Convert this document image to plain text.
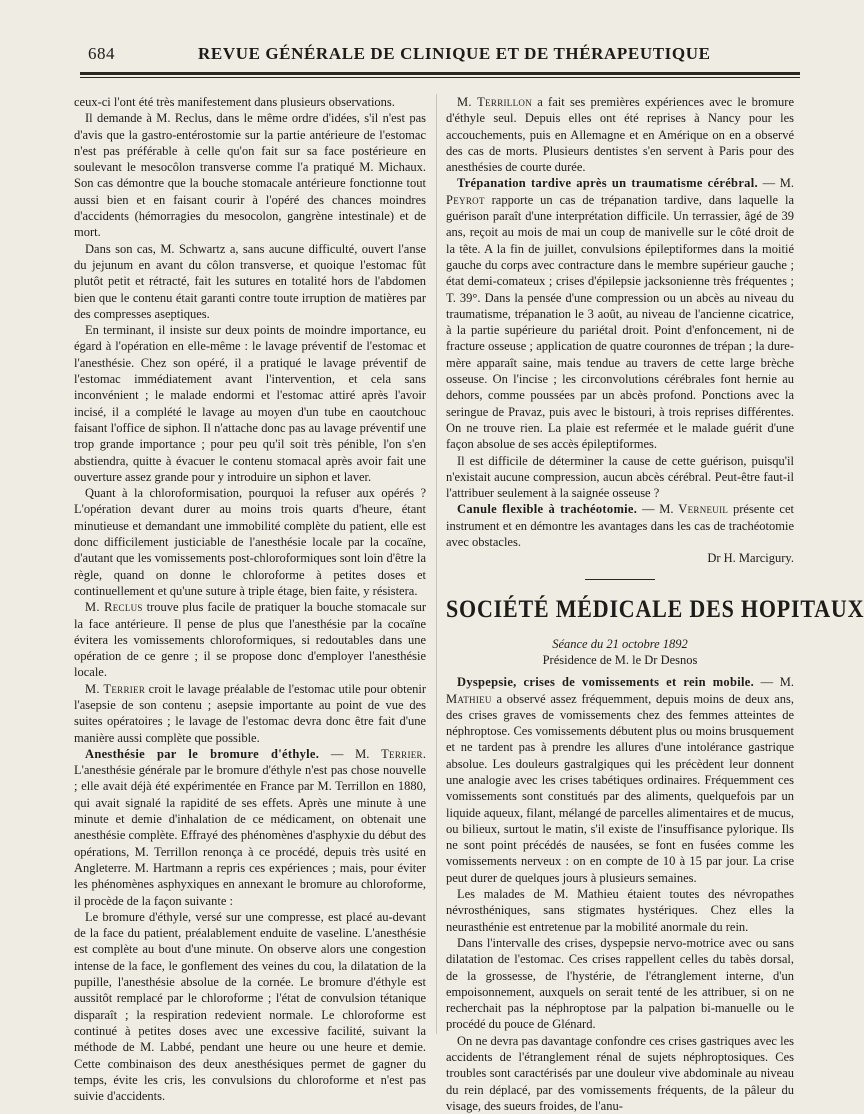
684	REVUE GÉNÉRALE DE CLINIQUE ET DE THÉRAPEUTIQUE

ceux-ci l'ont été très manifestement dans plusieurs observations.

Il demande à M. Reclus, dans le même ordre d'idées, s'il n'est pas d'avis que la gastro-entérostomie sur la partie antérieure de l'estomac n'est pas préférable à celle qu'on fait sur sa face postérieure en soulevant le mesocôlon transverse comme l'a pratiqué M. Michaux. Son cas démontre que la bouche stomacale antérieure fonctionne tout aussi bien et en faisant courir à l'opéré des chances moindres d'accidents (hémorragies du mesocolon, gangrène intestinale) et de mort.

Dans son cas, M. Schwartz a, sans aucune difficulté, ouvert l'anse du jejunum en avant du côlon transverse, et quoique l'estomac fût plutôt petit et rétracté, fait les sutures en totalité hors de l'abdomen bien que le contenu était garanti contre toute irruption de matières par des compresses aseptiques.

En terminant, il insiste sur deux points de moindre importance, eu égard à l'opération en elle-même : le lavage préventif de l'estomac et l'anesthésie. Chez son opéré, il a pratiqué le lavage préventif de l'estomac immédiatement avant l'intervention, et cela sans inconvénient ; le malade endormi et l'estomac attiré après l'avoir incisé, il a complété le lavage au moyen d'un tube en caoutchouc faisant l'office de siphon. Il n'attache donc pas au lavage préventif une trop grande importance ; pour peu qu'il soit très pénible, l'on s'en abstiendra, quitte à évacuer le contenu stomacal après avoir fait une ouverture assez grande pour y introduire un siphon et laver.

Quant à la chloroformisation, pourquoi la refuser aux opérés ? L'opération devant durer au moins trois quarts d'heure, étant minutieuse et demandant une immobilité complète du patient, elle est donc difficilement justiciable de l'anesthésie locale par la cocaïne, d'autant que les vomissements post-chloroformiques sont loin d'être la règle, quand on donne le chloroforme à petites doses et continuellement et qu'une suture à triple étage, bien faite, y résistera.

M. Reclus trouve plus facile de pratiquer la bouche stomacale sur la face antérieure. Il pense de plus que l'anesthésie par la cocaïne évitera les vomissements chloroformiques, si redoutables dans une opération de ce genre ; il se propose donc d'employer l'anesthésie locale.

M. Terrier croit le lavage préalable de l'estomac utile pour obtenir l'asepsie de son contenu ; asepsie importante au point de vue des suites opératoires ; le lavage de l'estomac devra donc être fait d'une manière aussi complète que possible.

Anesthésie par le bromure d'éthyle. — M. Terrier. L'anesthésie générale par le bromure d'éthyle n'est pas chose nouvelle ; elle avait déjà été expérimentée en France par M. Terrillon en 1880, qui avait signalé la rapidité de ses effets. Après une minute à une minute et demie d'inhalation de ce médicament, on obtenait une anesthésie complète. Effrayé des phénomènes d'asphyxie du début des opérations, M. Terrillon renonça à ce procédé, depuis très usité en Angleterre. M. Hartmann a repris ces expériences ; mais, pour éviter les phénomènes asphyxiques en annexant le bromure au chloroforme, il procède de la façon suivante :

Le bromure d'éthyle, versé sur une compresse, est placé au-devant de la face du patient, préalablement enduite de vaseline. L'anesthésie est complète au bout d'une minute. On observe alors une congestion intense de la face, le gonflement des veines du cou, la dilatation de la pupille, l'anesthésie absolue de la cornée. Le bromure d'éthyle est aussitôt remplacé par le chloroforme ; l'état de convulsion tétanique disparaît ; la respiration redevient normale. Le chloroforme est continué à petites doses avec une excessive facilité, suivant la méthode de M. Labbé, pendant une heure ou une heure et demie. Cette combinaison des deux anesthésiques permet de gagner du temps, évite les cris, les convulsions du chloroforme et n'est pas suivie d'accidents.

M. Terrillon a fait ses premières expériences avec le bromure d'éthyle seul. Depuis elles ont été reprises à Nancy pour les accouchements, puis en Allemagne et en Amérique on en a observé des cas de morts. Plusieurs dentistes s'en servent à Paris pour des anesthésies de courte durée.

Trépanation tardive après un traumatisme cérébral. — M. Peyrot rapporte un cas de trépanation tardive, dans laquelle la guérison paraît d'une interprétation difficile. Un terrassier, âgé de 39 ans, reçoit au mois de mai un coup de manivelle sur le côté droit de la tête. A la fin de juillet, convulsions épileptiformes dans la moitié gauche du corps avec contracture dans le membre supérieur gauche ; état demi-comateux ; crises d'épilepsie jacksonienne très fréquentes ; T. 39°. Dans la pensée d'une compression ou un abcès au niveau du traumatisme, trépanation le 3 août, au niveau de l'ancienne cicatrice, à la partie supérieure du pariétal droit. Point d'enfoncement, ni de fracture osseuse ; application de quatre couronnes de trépan ; la dure-mère apparaît saine, mais tendue au travers de cette large brèche osseuse. On l'incise ; les circonvolutions cérébrales font hernie au dehors, comme poussées par un abcès profond. Ponctions avec la seringue de Pravaz, puis avec le bistouri, à trois reprises différentes. On ne trouve rien. La plaie est refermée et le malade guérit d'une façon absolue de ses accès épileptiformes.

Il est difficile de déterminer la cause de cette guérison, puisqu'il n'existait aucune compression, aucun abcès cérébral. Peut-être faut-il l'attribuer seulement à la saignée osseuse ?

Canule flexible à trachéotomie. — M. Verneuil présente cet instrument et en démontre les avantages dans les cas de trachéotomie avec obstacles.

Dr H. Marcigury.

SOCIÉTÉ MÉDICALE DES HOPITAUX

Séance du 21 octobre 1892

Présidence de M. le Dr Desnos

Dyspepsie, crises de vomissements et rein mobile. — M. Mathieu a observé assez fréquemment, depuis moins de deux ans, des crises graves de vomissements chez des femmes atteintes de néphroptose. Ces vomissements débutent plus ou moins brusquement et ne tardent pas à prendre les allures d'une intolérance gastrique absolue. Les douleurs gastralgiques qui les précèdent leur donnent une analogie avec les crises tabétiques ordinaires. Fréquemment ces vomissements sont constitués par des aliments, quelquefois par un liquide aqueux, filant, mélangé de parcelles alimentaires et de mucus, ou bilieux, surtout le matin, s'il existe de l'insuffisance pylorique. Ils ne sont point précédés de nausées, se font en fusées comme les vomissements nerveux : on en compte de 10 à 15 par jour. La crise peut durer de quelques jours à plusieurs semaines.

Les malades de M. Mathieu étaient toutes des névropathes névrosthéniques, sans stigmates hystériques. Chez elles la neurasthénie est entretenue par la mobilité anormale du rein.

Dans l'intervalle des crises, dyspepsie nervo-motrice avec ou sans dilatation de l'estomac. Ces crises rappellent celles du tabès dorsal, de la grossesse, de l'hystérie, de l'étranglement interne, d'un empoisonnement, auxquels on serait tenté de les attribuer, si on ne recherchait pas la néphroptose par la palpation bi-manuelle ou le procédé du pouce de Glénard.

On ne devra pas davantage confondre ces crises gastriques avec les accidents de l'étranglement rénal de sujets néphroptosiques. Ces troubles sont caractérisés par une douleur vive abdominale au niveau du rein déplacé, par des vomissements fréquents, de la pâleur du visage, des sueurs froides, de l'anu-
